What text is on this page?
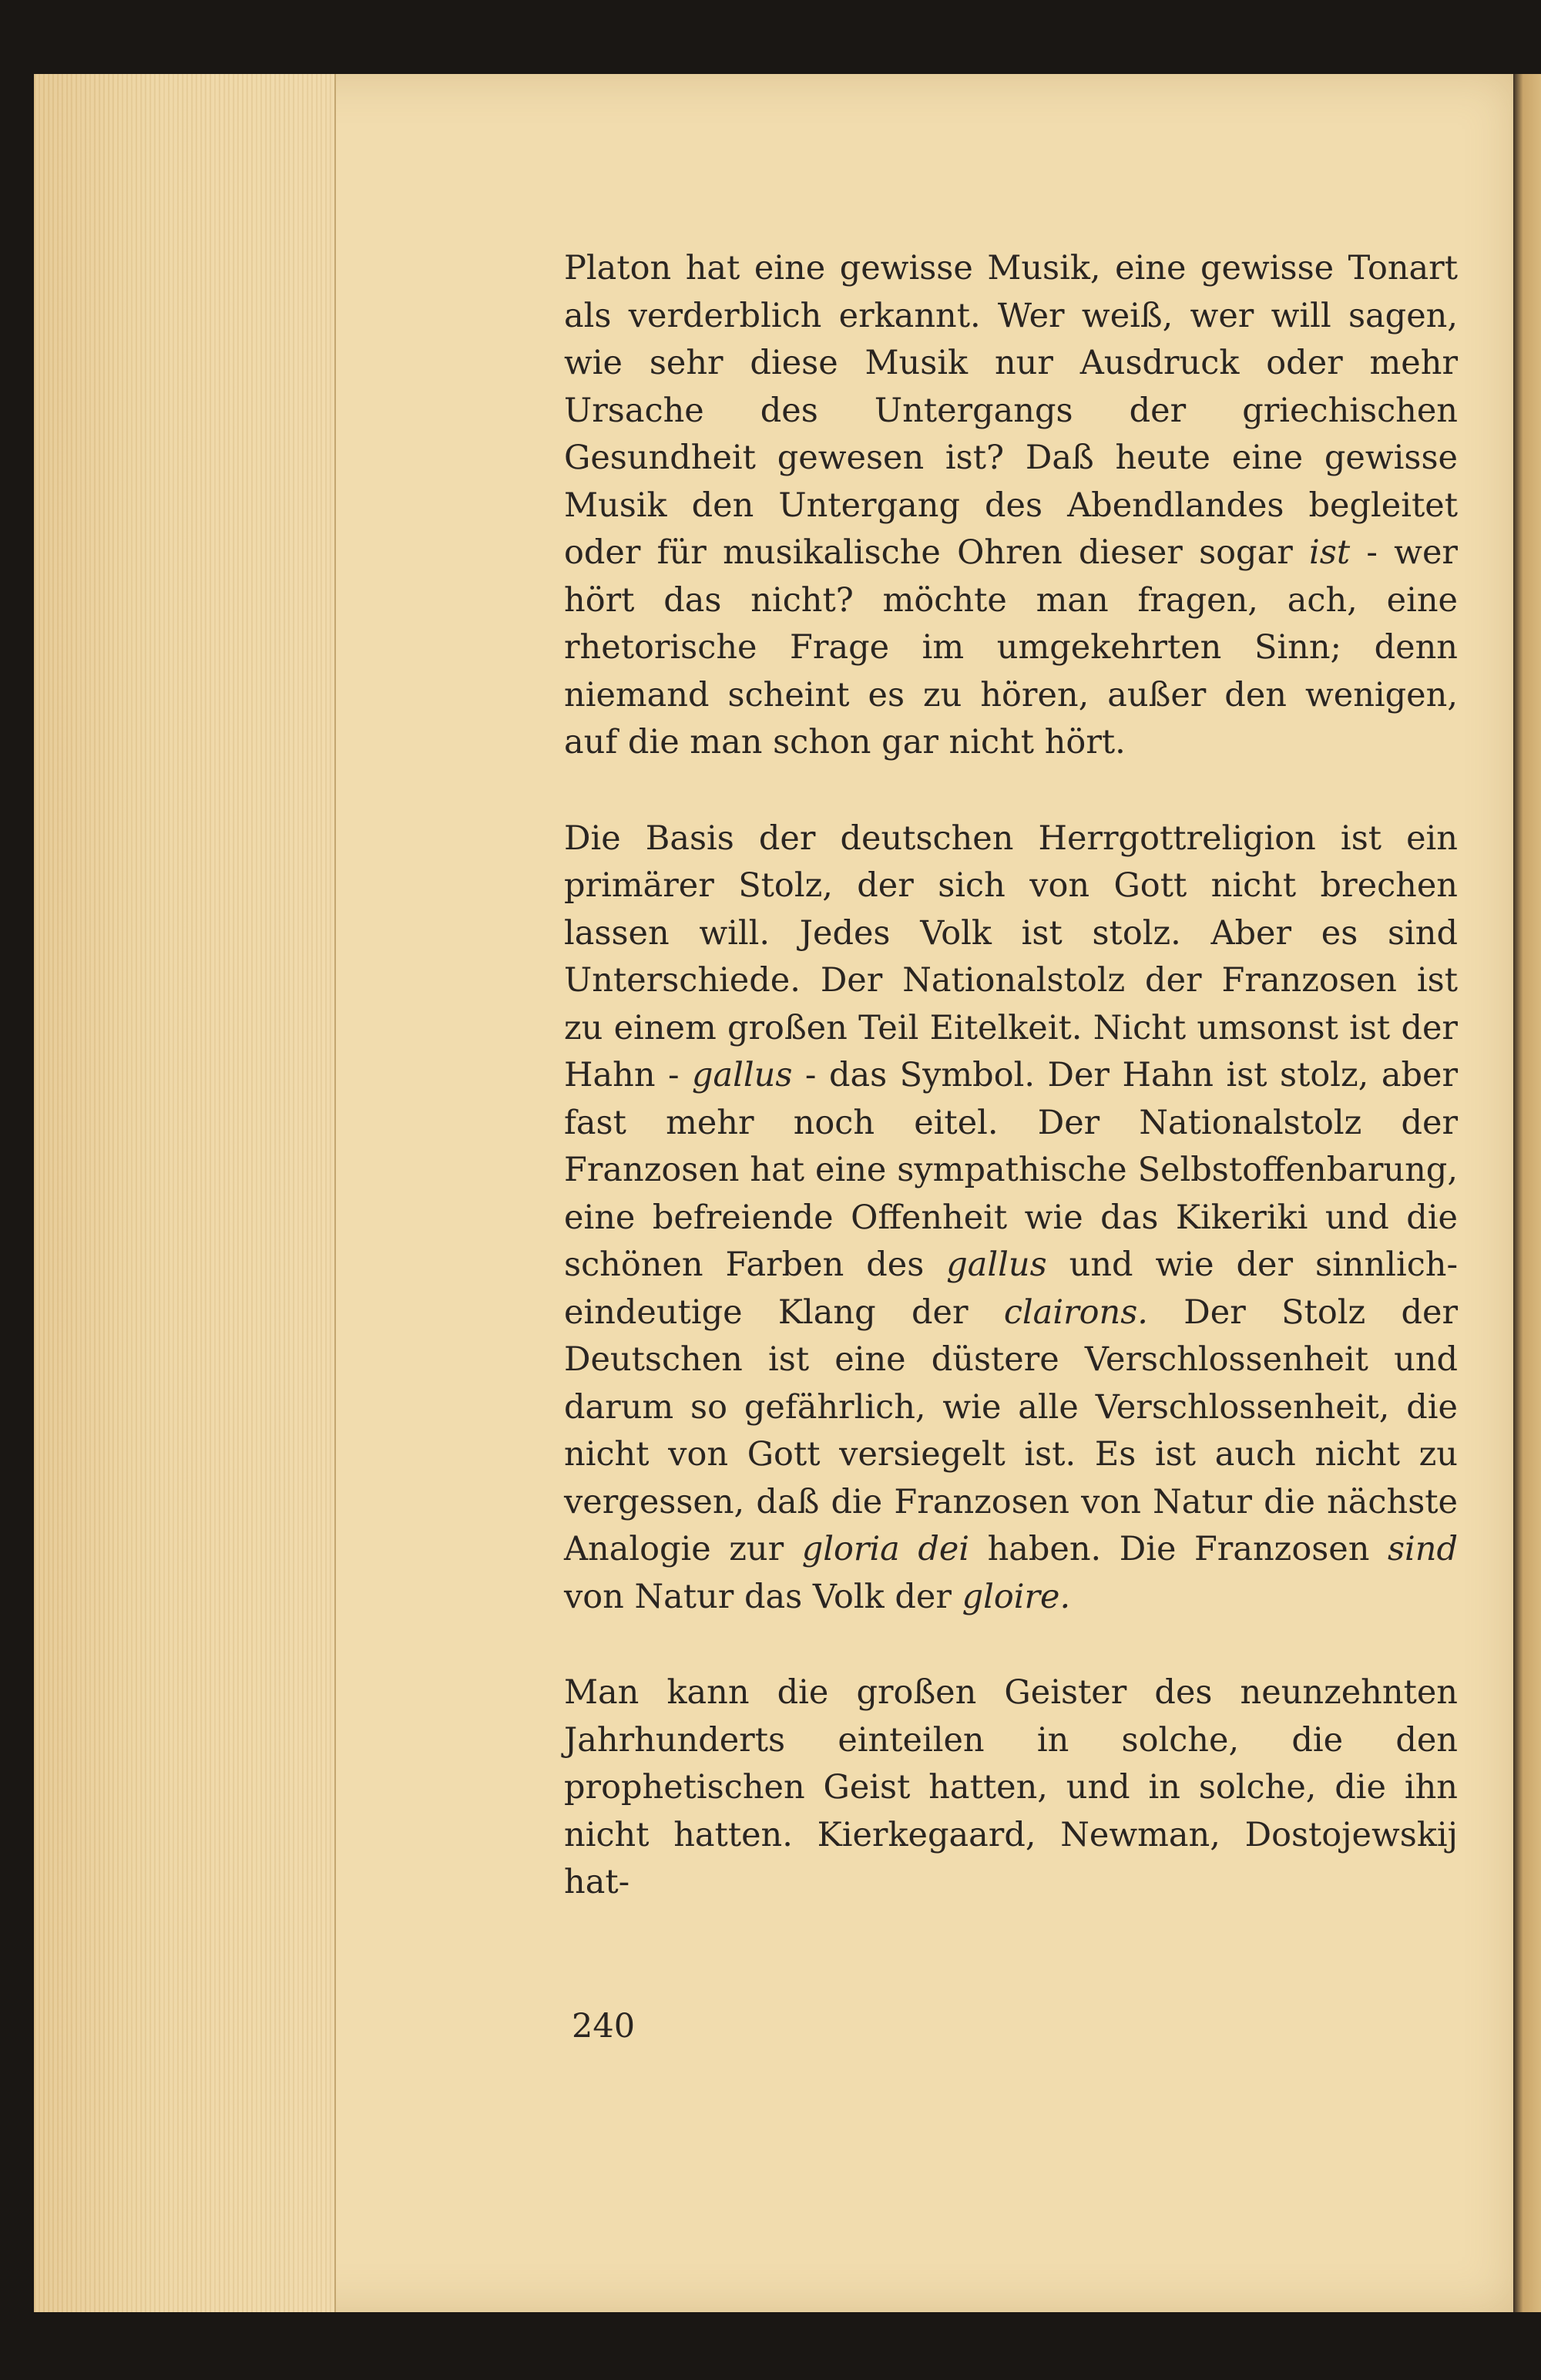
Platon hat eine gewisse Musik, eine gewisse Tonart als verderblich erkannt. Wer weiß, wer will sagen, wie sehr diese Musik nur Ausdruck oder mehr Ursache des Untergangs der griechischen Gesundheit gewesen ist? Daß heute eine gewisse Musik den Untergang des Abendlandes begleitet oder für musikalische Ohren dieser sogar ist - wer hört das nicht? möchte man fragen, ach, eine rhetorische Frage im umgekehrten Sinn; denn niemand scheint es zu hören, außer den wenigen, auf die man schon gar nicht hört.

Die Basis der deutschen Herrgottreligion ist ein primärer Stolz, der sich von Gott nicht brechen lassen will. Jedes Volk ist stolz. Aber es sind Unterschiede. Der Nationalstolz der Franzosen ist zu einem großen Teil Eitelkeit. Nicht umsonst ist der Hahn - gallus - das Symbol. Der Hahn ist stolz, aber fast mehr noch eitel. Der Nationalstolz der Franzosen hat eine sympathische Selbstoffenbarung, eine befreiende Offenheit wie das Kikeriki und die schönen Farben des gallus und wie der sinnlich-eindeutige Klang der clairons. Der Stolz der Deutschen ist eine düstere Verschlossenheit und darum so gefährlich, wie alle Verschlossenheit, die nicht von Gott versiegelt ist. Es ist auch nicht zu vergessen, daß die Franzosen von Natur die nächste Analogie zur gloria dei haben. Die Franzosen sind von Natur das Volk der gloire.

Man kann die großen Geister des neunzehnten Jahrhunderts einteilen in solche, die den prophetischen Geist hatten, und in solche, die ihn nicht hatten. Kierkegaard, Newman, Dostojewskij hat-

240
